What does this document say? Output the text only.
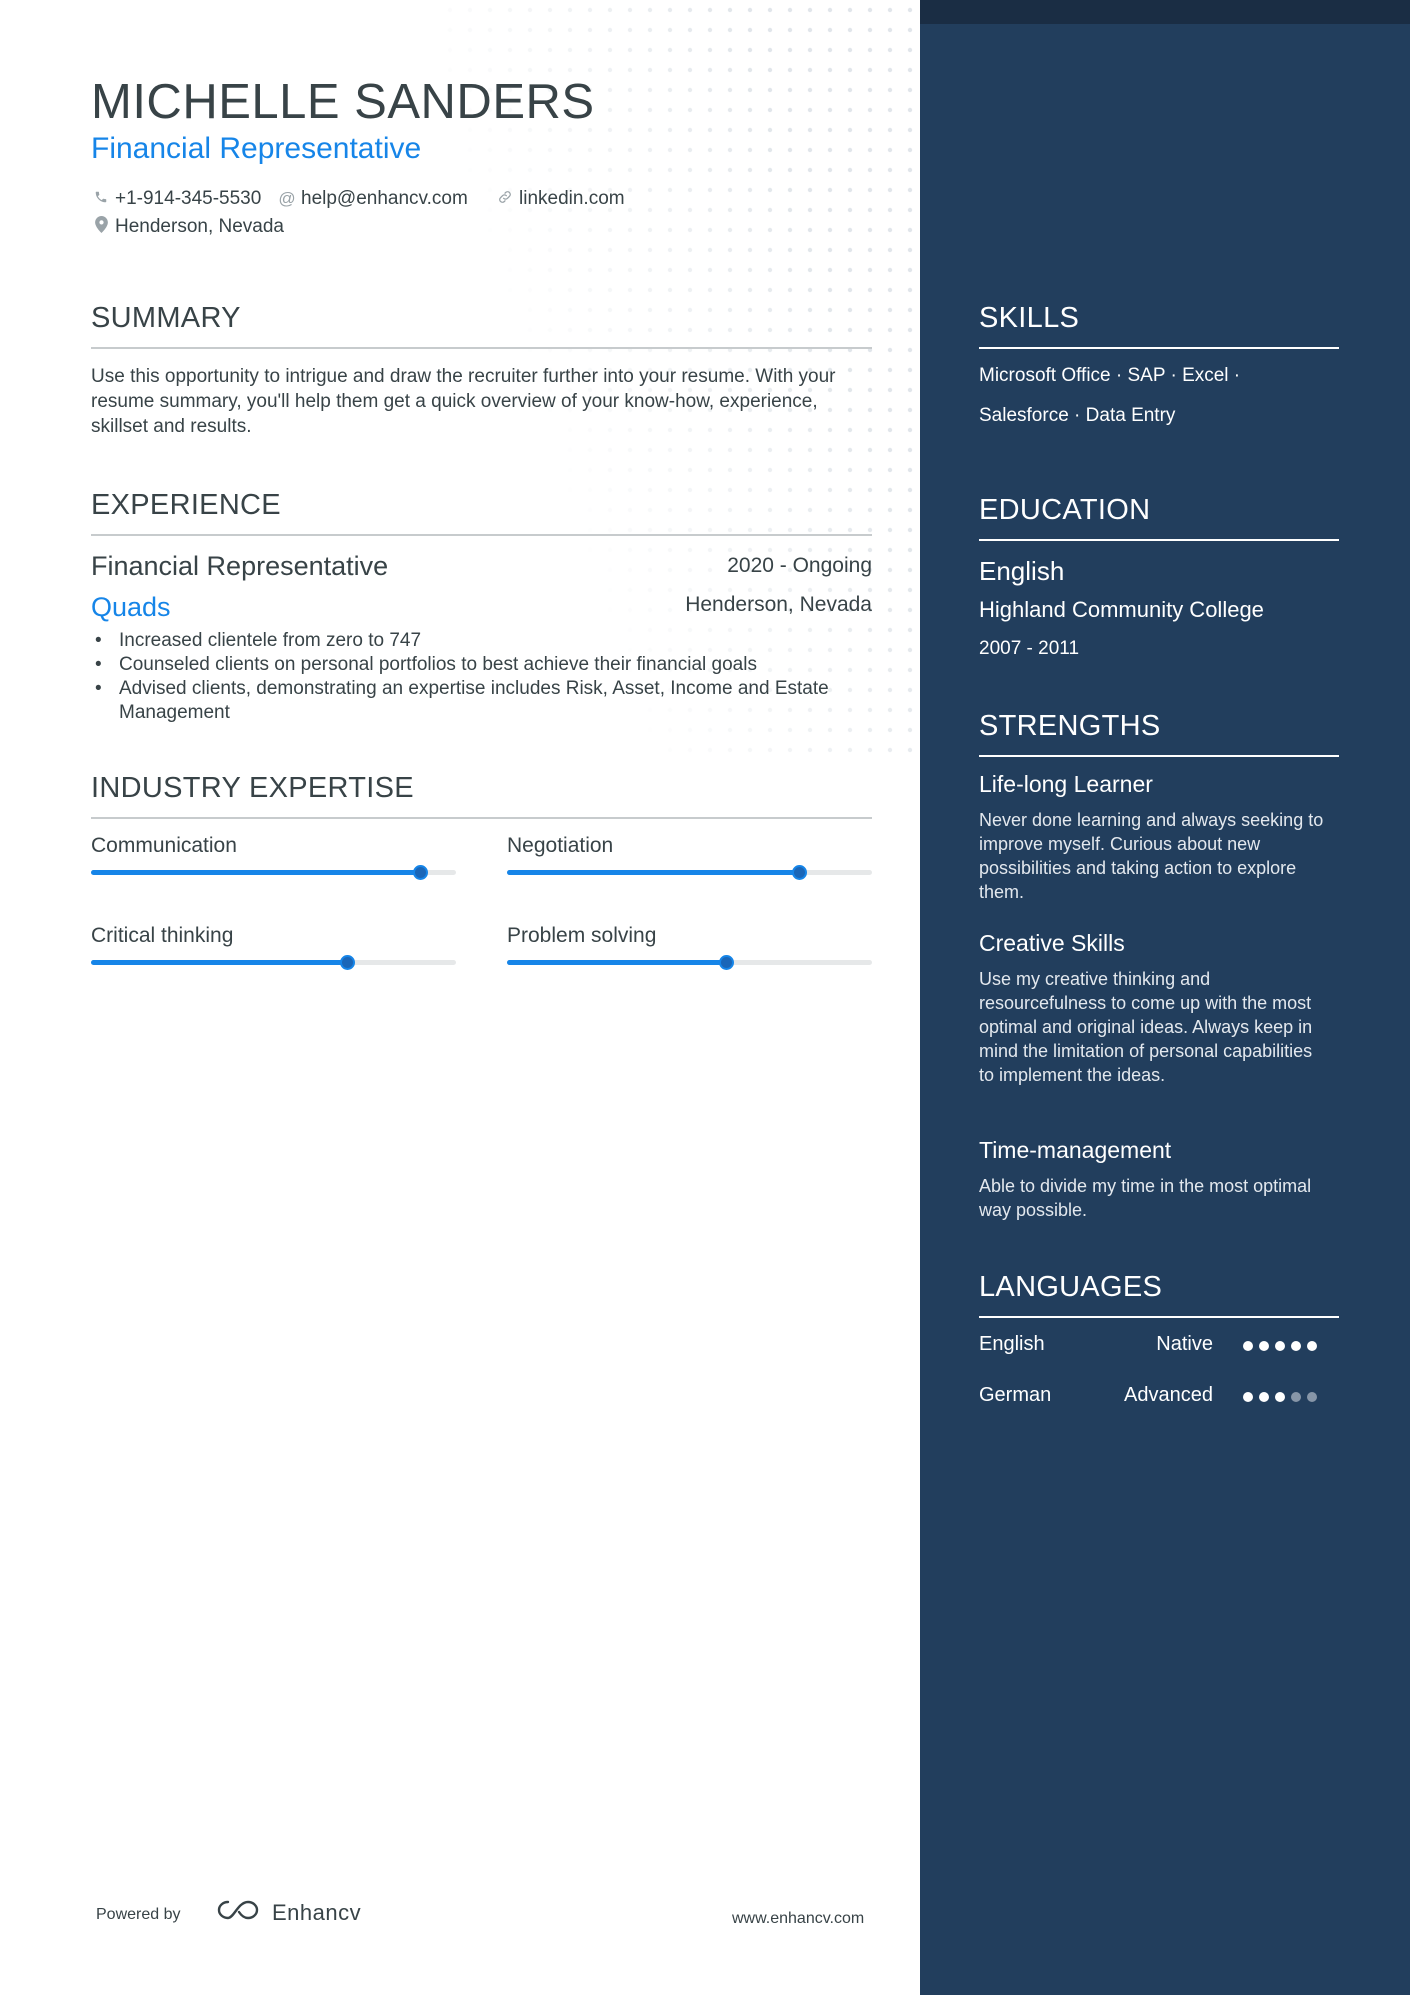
MICHELLE SANDERS
Financial Representative
+1-914-345-5530 @ help@enhancv.com	linkedin.com
Henderson, Nevada
SUMMARY
Use this opportunity to intrigue and draw the recruiter further into your resume. With your resume summary, you'll help them get a quick overview of your know-how, experience, skillset and results.
EXPERIENCE
Financial Representative	2020 - Ongoing
Quads	Henderson, Nevada
• Increased clientele from zero to 747
• Counseled clients on personal portfolios to best achieve their financial goals
• Advised clients, demonstrating an expertise includes Risk, Asset, Income and Estate Management
INDUSTRY EXPERTISE
Communication	Negotiation
Critical thinking	Problem solving
Powered by	Enhancv	www.enhancv.com
SKILLS
Microsoft Office · SAP · Excel ·
Salesforce · Data Entry
EDUCATION
English
Highland Community College
2007 - 2011
STRENGTHS
Life-long Learner
Never done learning and always seeking to improve myself. Curious about new possibilities and taking action to explore them.
Creative Skills
Use my creative thinking and resourcefulness to come up with the most optimal and original ideas. Always keep in mind the limitation of personal capabilities to implement the ideas.
Time-management
Able to divide my time in the most optimal way possible.
LANGUAGES
English	Native
German	Advanced
